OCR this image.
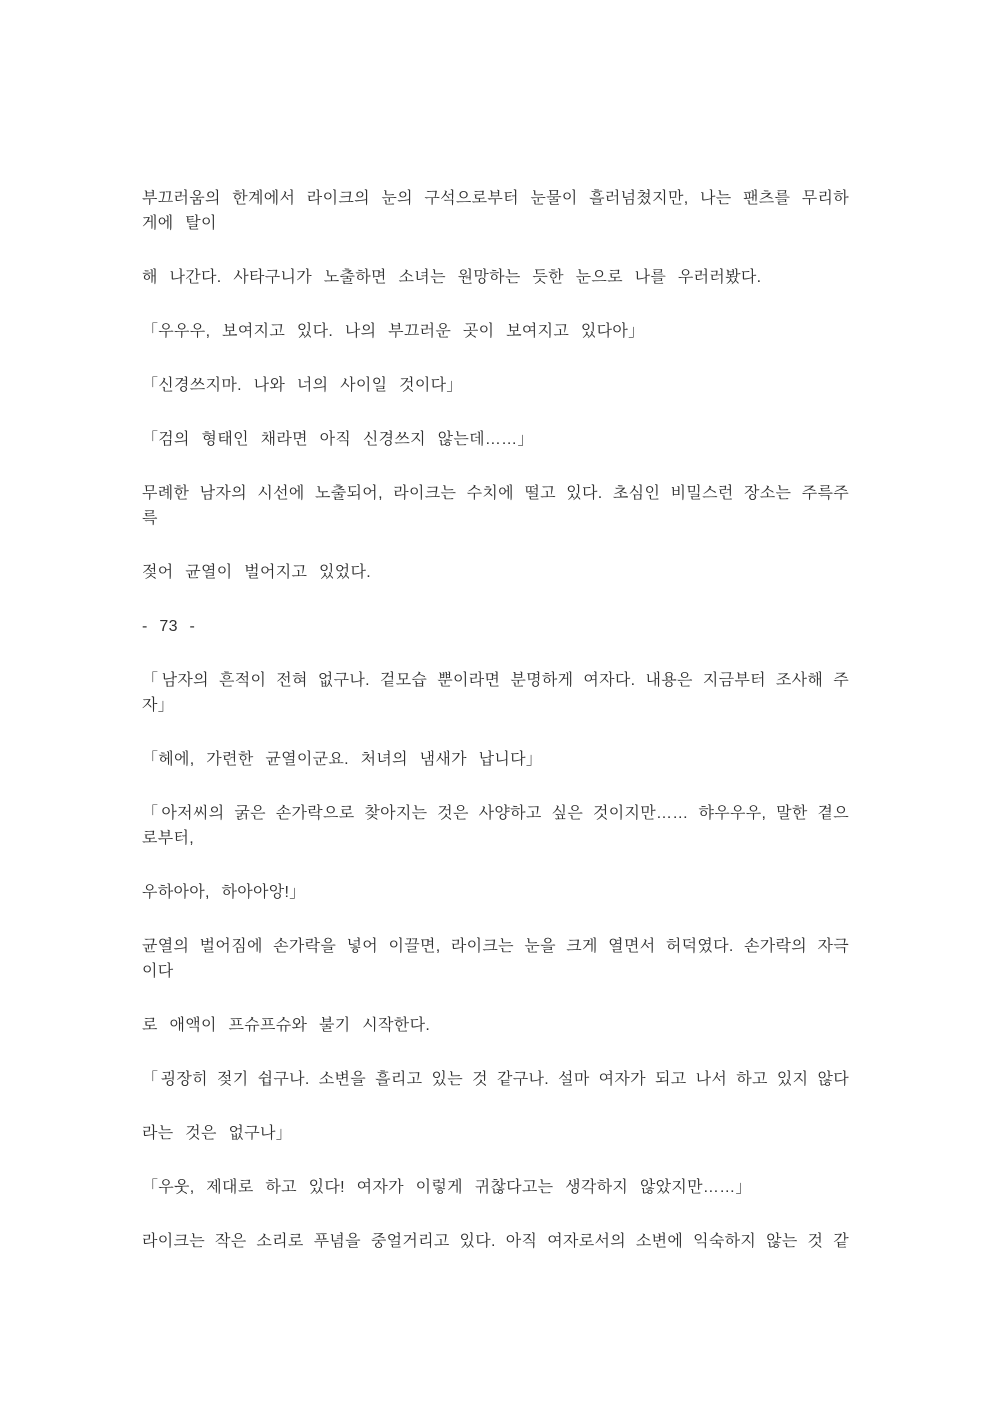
부끄러움의 한계에서 라이크의 눈의 구석으로부터 눈물이 흘러넘쳤지만, 나는 팬츠를 무리하
게에 탈이
해 나간다. 사타구니가 노출하면 소녀는 원망하는 듯한 눈으로 나를 우러러봤다.
「우우우, 보여지고 있다. 나의 부끄러운 곳이 보여지고 있다아」
「신경쓰지마. 나와 너의 사이일 것이다」
「검의 형태인 채라면 아직 신경쓰지 않는데……」
무례한 남자의 시선에 노출되어, 라이크는 수치에 떨고 있다. 초심인 비밀스런 장소는 주륵주
륵
젖어 균열이 벌어지고 있었다.
- 73 -
「남자의 흔적이 전혀 없구나. 겉모습 뿐이라면 분명하게 여자다. 내용은 지금부터 조사해 주
자」
「헤에, 가련한 균열이군요. 처녀의 냄새가 납니다」
「아저씨의 굵은 손가락으로 찾아지는 것은 사양하고 싶은 것이지만…… 햐우우우, 말한 곁으
로부터,
우하아아, 하아아앙!」
균열의 벌어짐에 손가락을 넣어 이끌면, 라이크는 눈을 크게 열면서 허덕였다. 손가락의 자극
이다
로 애액이 프슈프슈와 불기 시작한다.
「굉장히 젖기 쉽구나. 소변을 흘리고 있는 것 같구나. 설마 여자가 되고 나서 하고 있지 않다
라는 것은 없구나」
「우웃, 제대로 하고 있다! 여자가 이렇게 귀찮다고는 생각하지 않았지만……」
라이크는 작은 소리로 푸념을 중얼거리고 있다. 아직 여자로서의 소변에 익숙하지 않는 것 같
